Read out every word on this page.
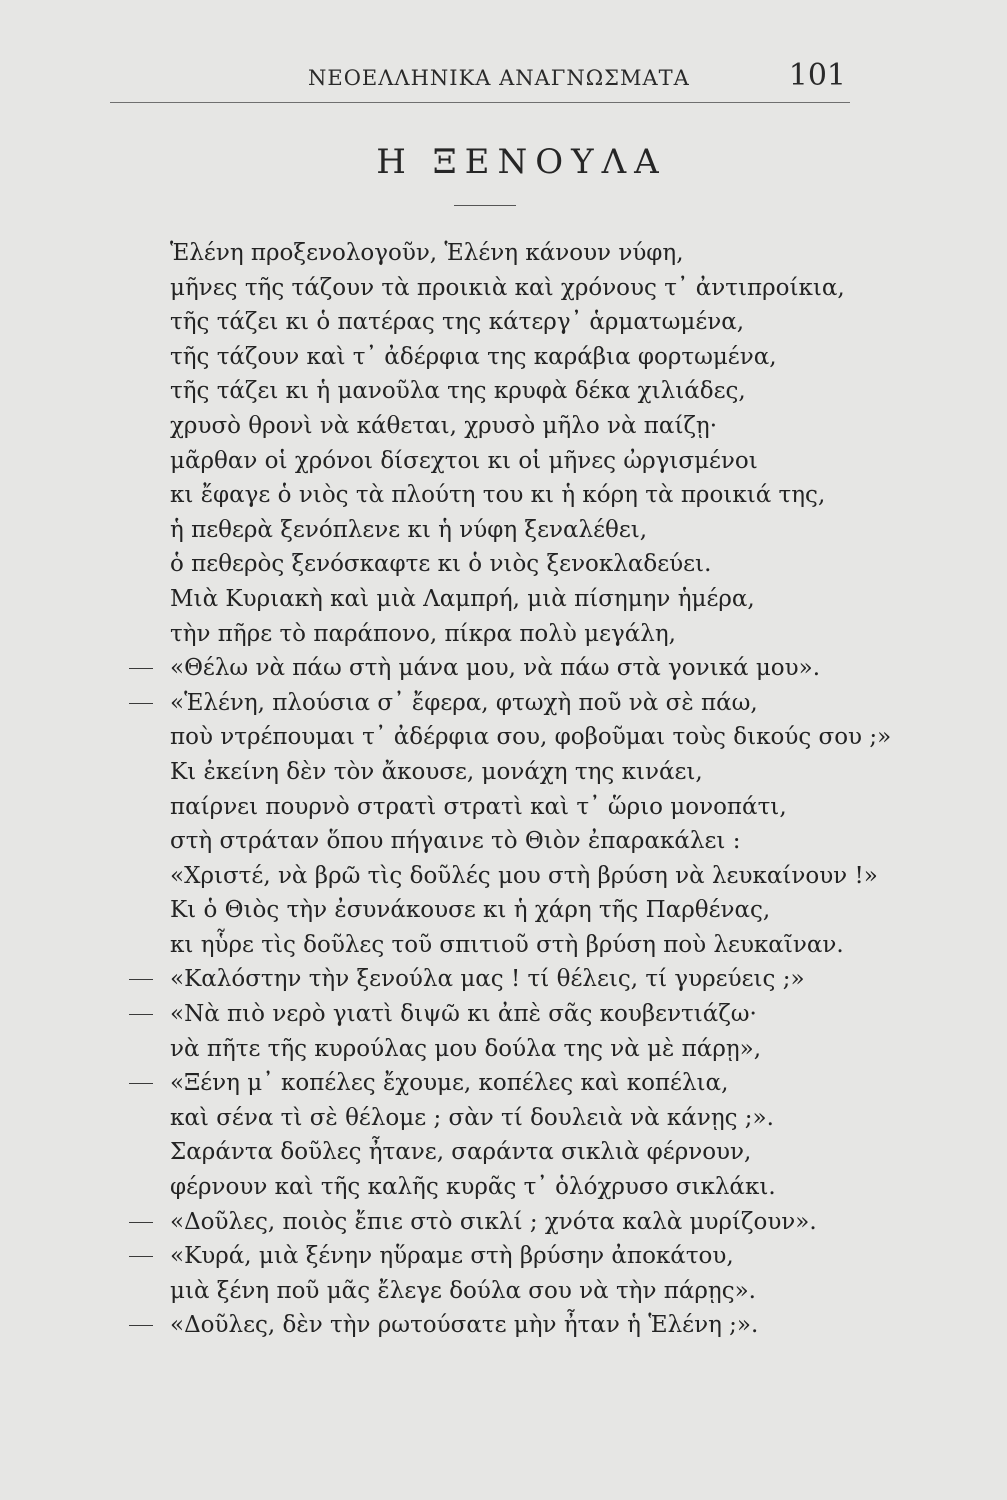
ΝΕΟΕΛΛΗΝΙΚΑ ΑΝΑΓΝΩΣΜΑΤΑ	101
Η ΞΕΝΟΥΛΑ
Ἑλένη προξενολογοῦν, Ἑλένη κάνουν νύφη,
μῆνες τῆς τάζουν τὰ προικιὰ καὶ χρόνους τ᾽ ἀντιπροίκια,
τῆς τάζει κι ὁ πατέρας της κάτεργ᾽ ἁρματωμένα,
τῆς τάζουν καὶ τ᾽ ἀδέρφια της καράβια φορτωμένα,
τῆς τάζει κι ἡ μανοῦλα της κρυφὰ δέκα χιλιάδες,
χρυσὸ θρονὶ νὰ κάθεται, χρυσὸ μῆλο νὰ παίζῃ·
μᾶρθαν οἱ χρόνοι δίσεχτοι κι οἱ μῆνες ὠργισμένοι
κι ἔφαγε ὁ νιὸς τὰ πλούτη του κι ἡ κόρη τὰ προικιά της,
ἡ πεθερὰ ξενόπλενε κι ἡ νύφη ξεναλέθει,
ὁ πεθερὸς ξενόσκαφτε κι ὁ νιὸς ξενοκλαδεύει.
Μιὰ Κυριακὴ καὶ μιὰ Λαμπρή, μιὰ πίσημην ἡμέρα,
τὴν πῆρε τὸ παράπονο, πίκρα πολὺ μεγάλη,
«Θέλω νὰ πάω στὴ μάνα μου, νὰ πάω στὰ γονικά μου».
«Ἑλένη, πλούσια σ᾽ ἔφερα, φτωχὴ ποῦ νὰ σὲ πάω,
ποὺ ντρέπουμαι τ᾽ ἀδέρφια σου, φοβοῦμαι τοὺς δικούς σου ;»
Κι ἐκείνη δὲν τὸν ἄκουσε, μονάχη της κινάει,
παίρνει πουρνὸ στρατὶ στρατὶ καὶ τ᾽ ὥριο μονοπάτι,
στὴ στράταν ὅπου πήγαινε τὸ Θιὸν ἐπαρακάλει :
«Χριστέ, νὰ βρῶ τὶς δοῦλές μου στὴ βρύση νὰ λευκαίνουν !»
Κι ὁ Θιὸς τὴν ἐσυνάκουσε κι ἡ χάρη τῆς Παρθένας,
κι ηὗρε τὶς δοῦλες τοῦ σπιτιοῦ στὴ βρύση ποὺ λευκαῖναν.
«Καλόστην τὴν ξενούλα μας ! τί θέλεις, τί γυρεύεις ;»
«Νὰ πιὸ νερὸ γιατὶ διψῶ κι ἀπὲ σᾶς κουβεντιάζω·
νὰ πῆτε τῆς κυρούλας μου δούλα της νὰ μὲ πάρῃ»,
«Ξένη μ᾽ κοπέλες ἔχουμε, κοπέλες καὶ κοπέλια,
καὶ σένα τὶ σὲ θέλομε ; σὰν τί δουλειὰ νὰ κάνῃς ;».
Σαράντα δοῦλες ἦτανε, σαράντα σικλιὰ φέρνουν,
φέρνουν καὶ τῆς καλῆς κυρᾶς τ᾽ ὁλόχρυσο σικλάκι.
«Δοῦλες, ποιὸς ἔπιε στὸ σικλί ; χνότα καλὰ μυρίζουν».
«Κυρά, μιὰ ξένην ηὕραμε στὴ βρύσην ἀποκάτου,
μιὰ ξένη ποῦ μᾶς ἔλεγε δούλα σου νὰ τὴν πάρῃς».
«Δοῦλες, δὲν τὴν ρωτούσατε μὴν ἦταν ἡ Ἑλένη ;».
